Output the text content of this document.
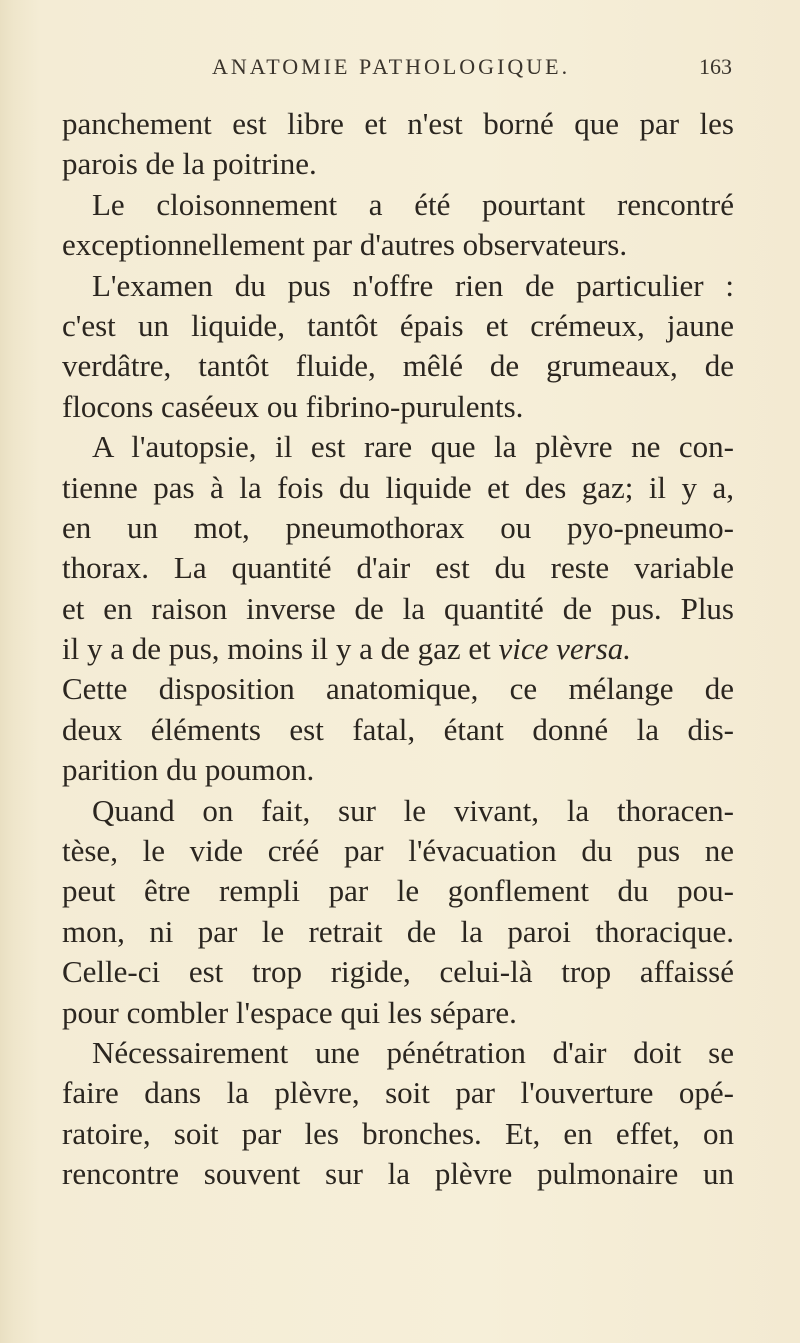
ANATOMIE PATHOLOGIQUE.	163
panchement est libre et n'est borné que par les
parois de la poitrine.
Le cloisonnement a été pourtant rencontré
exceptionnellement par d'autres observateurs.
L'examen du pus n'offre rien de particulier :
c'est un liquide, tantôt épais et crémeux, jaune
verdâtre, tantôt fluide, mêlé de grumeaux, de
flocons caséeux ou fibrino-purulents.
A l'autopsie, il est rare que la plèvre ne con-
tienne pas à la fois du liquide et des gaz; il y a,
en un mot, pneumothorax ou pyo-pneumo-
thorax. La quantité d'air est du reste variable
et en raison inverse de la quantité de pus. Plus
il y a de pus, moins il y a de gaz et vice versa.
Cette disposition anatomique, ce mélange de
deux éléments est fatal, étant donné la dis-
parition du poumon.
Quand on fait, sur le vivant, la thoracen-
tèse, le vide créé par l'évacuation du pus ne
peut être rempli par le gonflement du pou-
mon, ni par le retrait de la paroi thoracique.
Celle-ci est trop rigide, celui-là trop affaissé
pour combler l'espace qui les sépare.
Nécessairement une pénétration d'air doit se
faire dans la plèvre, soit par l'ouverture opé-
ratoire, soit par les bronches. Et, en effet, on
rencontre souvent sur la plèvre pulmonaire un
